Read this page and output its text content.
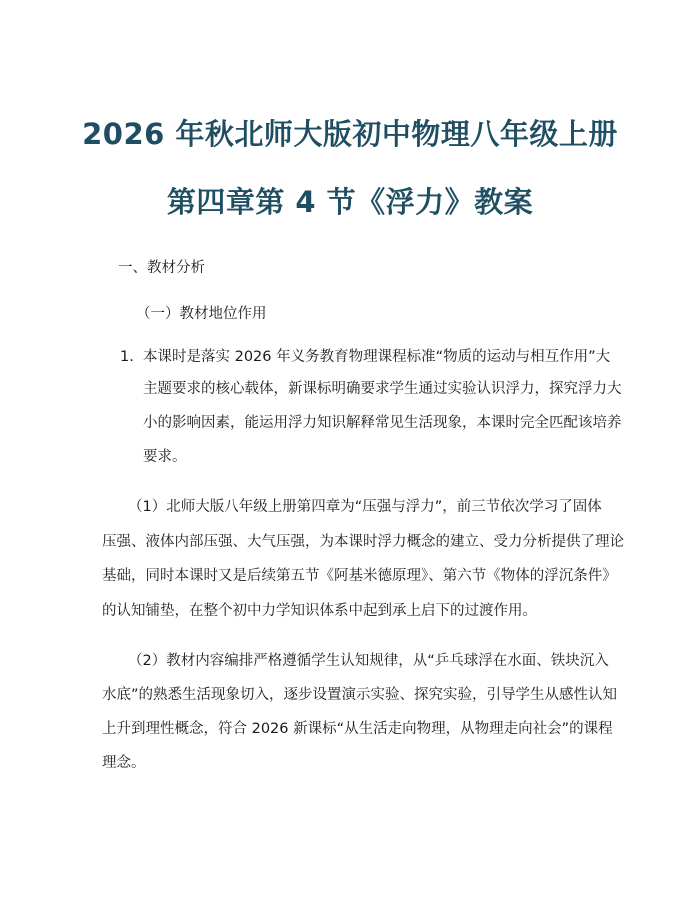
2026 年秋北师大版初中物理八年级上册
第四章第 4 节《浮力》教案
一、教材分析
（一）教材地位作用
1. 本课时是落实 2026 年义务教育物理课程标准“物质的运动与相互作用”大
主题要求的核心载体，新课标明确要求学生通过实验认识浮力，探究浮力大
小的影响因素，能运用浮力知识解释常见生活现象，本课时完全匹配该培养
要求。
（1）北师大版八年级上册第四章为“压强与浮力”，前三节依次学习了固体
压强、液体内部压强、大气压强，为本课时浮力概念的建立、受力分析提供了理论
基础，同时本课时又是后续第五节《阿基米德原理》、第六节《物体的浮沉条件》
的认知铺垫，在整个初中力学知识体系中起到承上启下的过渡作用。
（2）教材内容编排严格遵循学生认知规律，从“乒乓球浮在水面、铁块沉入
水底”的熟悉生活现象切入，逐步设置演示实验、探究实验，引导学生从感性认知
上升到理性概念，符合 2026 新课标“从生活走向物理，从物理走向社会”的课程
理念。
